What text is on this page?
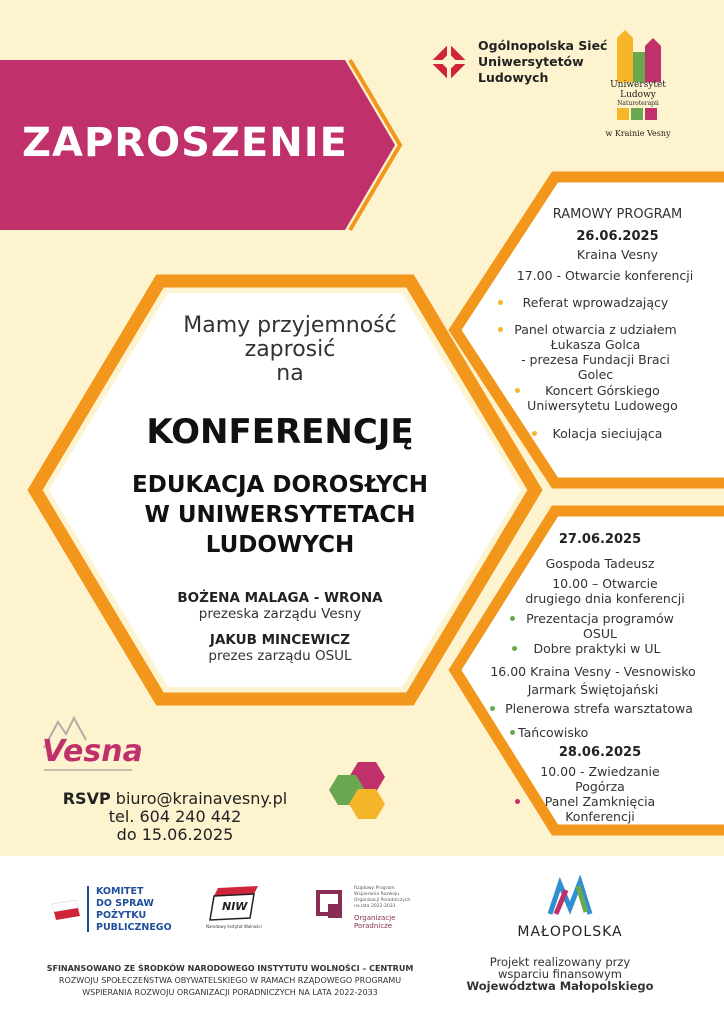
ZAPROSZENIE
Ogólnopolska Sieć
Uniwersytetów
Ludowych	Uniwersytet
Ludowy
Naturoterapii
w Krainie Vesny
Mamy przyjemność
zaprosić
na
KONFERENCJĘ
EDUKACJA DOROSŁYCH
W UNIWERSYTETACH
LUDOWYCH
BOŻENA MALAGA - WRONA
prezeska zarządu Vesny
JAKUB MINCEWICZ
prezes zarządu OSUL
RAMOWY PROGRAM
26.06.2025
Kraina Vesny
17.00 - Otwarcie konferencji
Referat wprowadzający
Panel otwarcia z udziałem
Łukasza Golca
- prezesa Fundacji Braci
Golec
Koncert Górskiego
Uniwersytetu Ludowego
Kolacja sieciująca
27.06.2025
Gospoda Tadeusz
10.00 – Otwarcie
drugiego dnia konferencji
Prezentacja programów
OSUL
Dobre praktyki w UL
16.00 Kraina Vesny - Vesnowisko
Jarmark Świętojański
Plenerowa strefa warsztatowa
Tańcowisko
28.06.2025
10.00 - Zwiedzanie
Pogórza
Panel Zamknięcia
Konferencji
Vesna
RSVP biuro@krainavesny.pl
tel. 604 240 442
do 15.06.2025
KOMITET
DO SPRAW
POŻYTKU
PUBLICZNEGO
NIW
Narodowy Instytut Wolności
Rządowy Program
Wspierania Rozwoju
Organizacji Poradniczych
na lata 2022-2033
Organizacje
Poradnicze	MAŁOPOLSKA
SFINANSOWANO ZE ŚRODKÓW NARODOWEGO INSTYTUTU WOLNOŚCI – CENTRUM
ROZWOJU SPOŁECZEŃSTWA OBYWATELSKIEGO W RAMACH RZĄDOWEGO PROGRAMU
WSPIERANIA ROZWOJU ORGANIZACJI PORADNICZYCH NA LATA 2022-2033
Projekt realizowany przy
wsparciu finansowym
Województwa Małopolskiego
